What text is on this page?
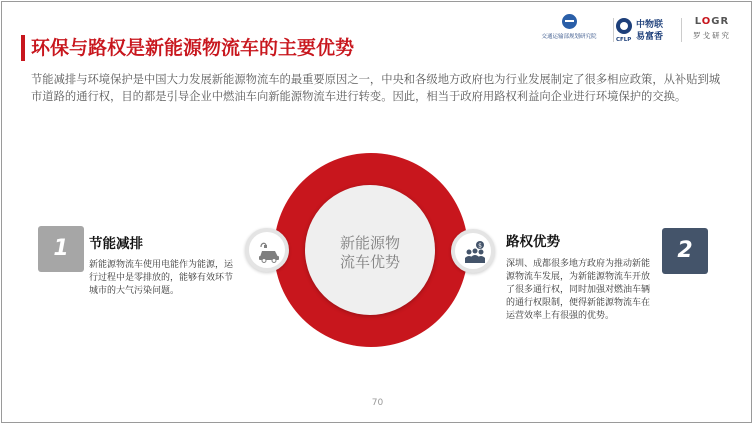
环保与路权是新能源物流车的主要优势	交通运输部规划研究院
中物联
易富香
CFLP
LOGR
罗戈研究
节能减排与环境保护是中国大力发展新能源物流车的最重要原因之一，中央和各级地方政府也为行业发展制定了很多相应政策，从补贴到城市道路的通行权，目的都是引导企业中燃油车向新能源物流车进行转变。因此，相当于政府用路权利益向企业进行环境保护的交换。
新能源物
流车优势
$
1	节能减排
新能源物流车使用电能作为能源，运行过程中是零排放的，能够有效环节城市的大气污染问题。
2
路权优势
深圳、成都很多地方政府为推动新能源物流车发展，为新能源物流车开放了很多通行权，同时加强对燃油车辆的通行权限制，便得新能源物流车在运营效率上有很强的优势。
70
